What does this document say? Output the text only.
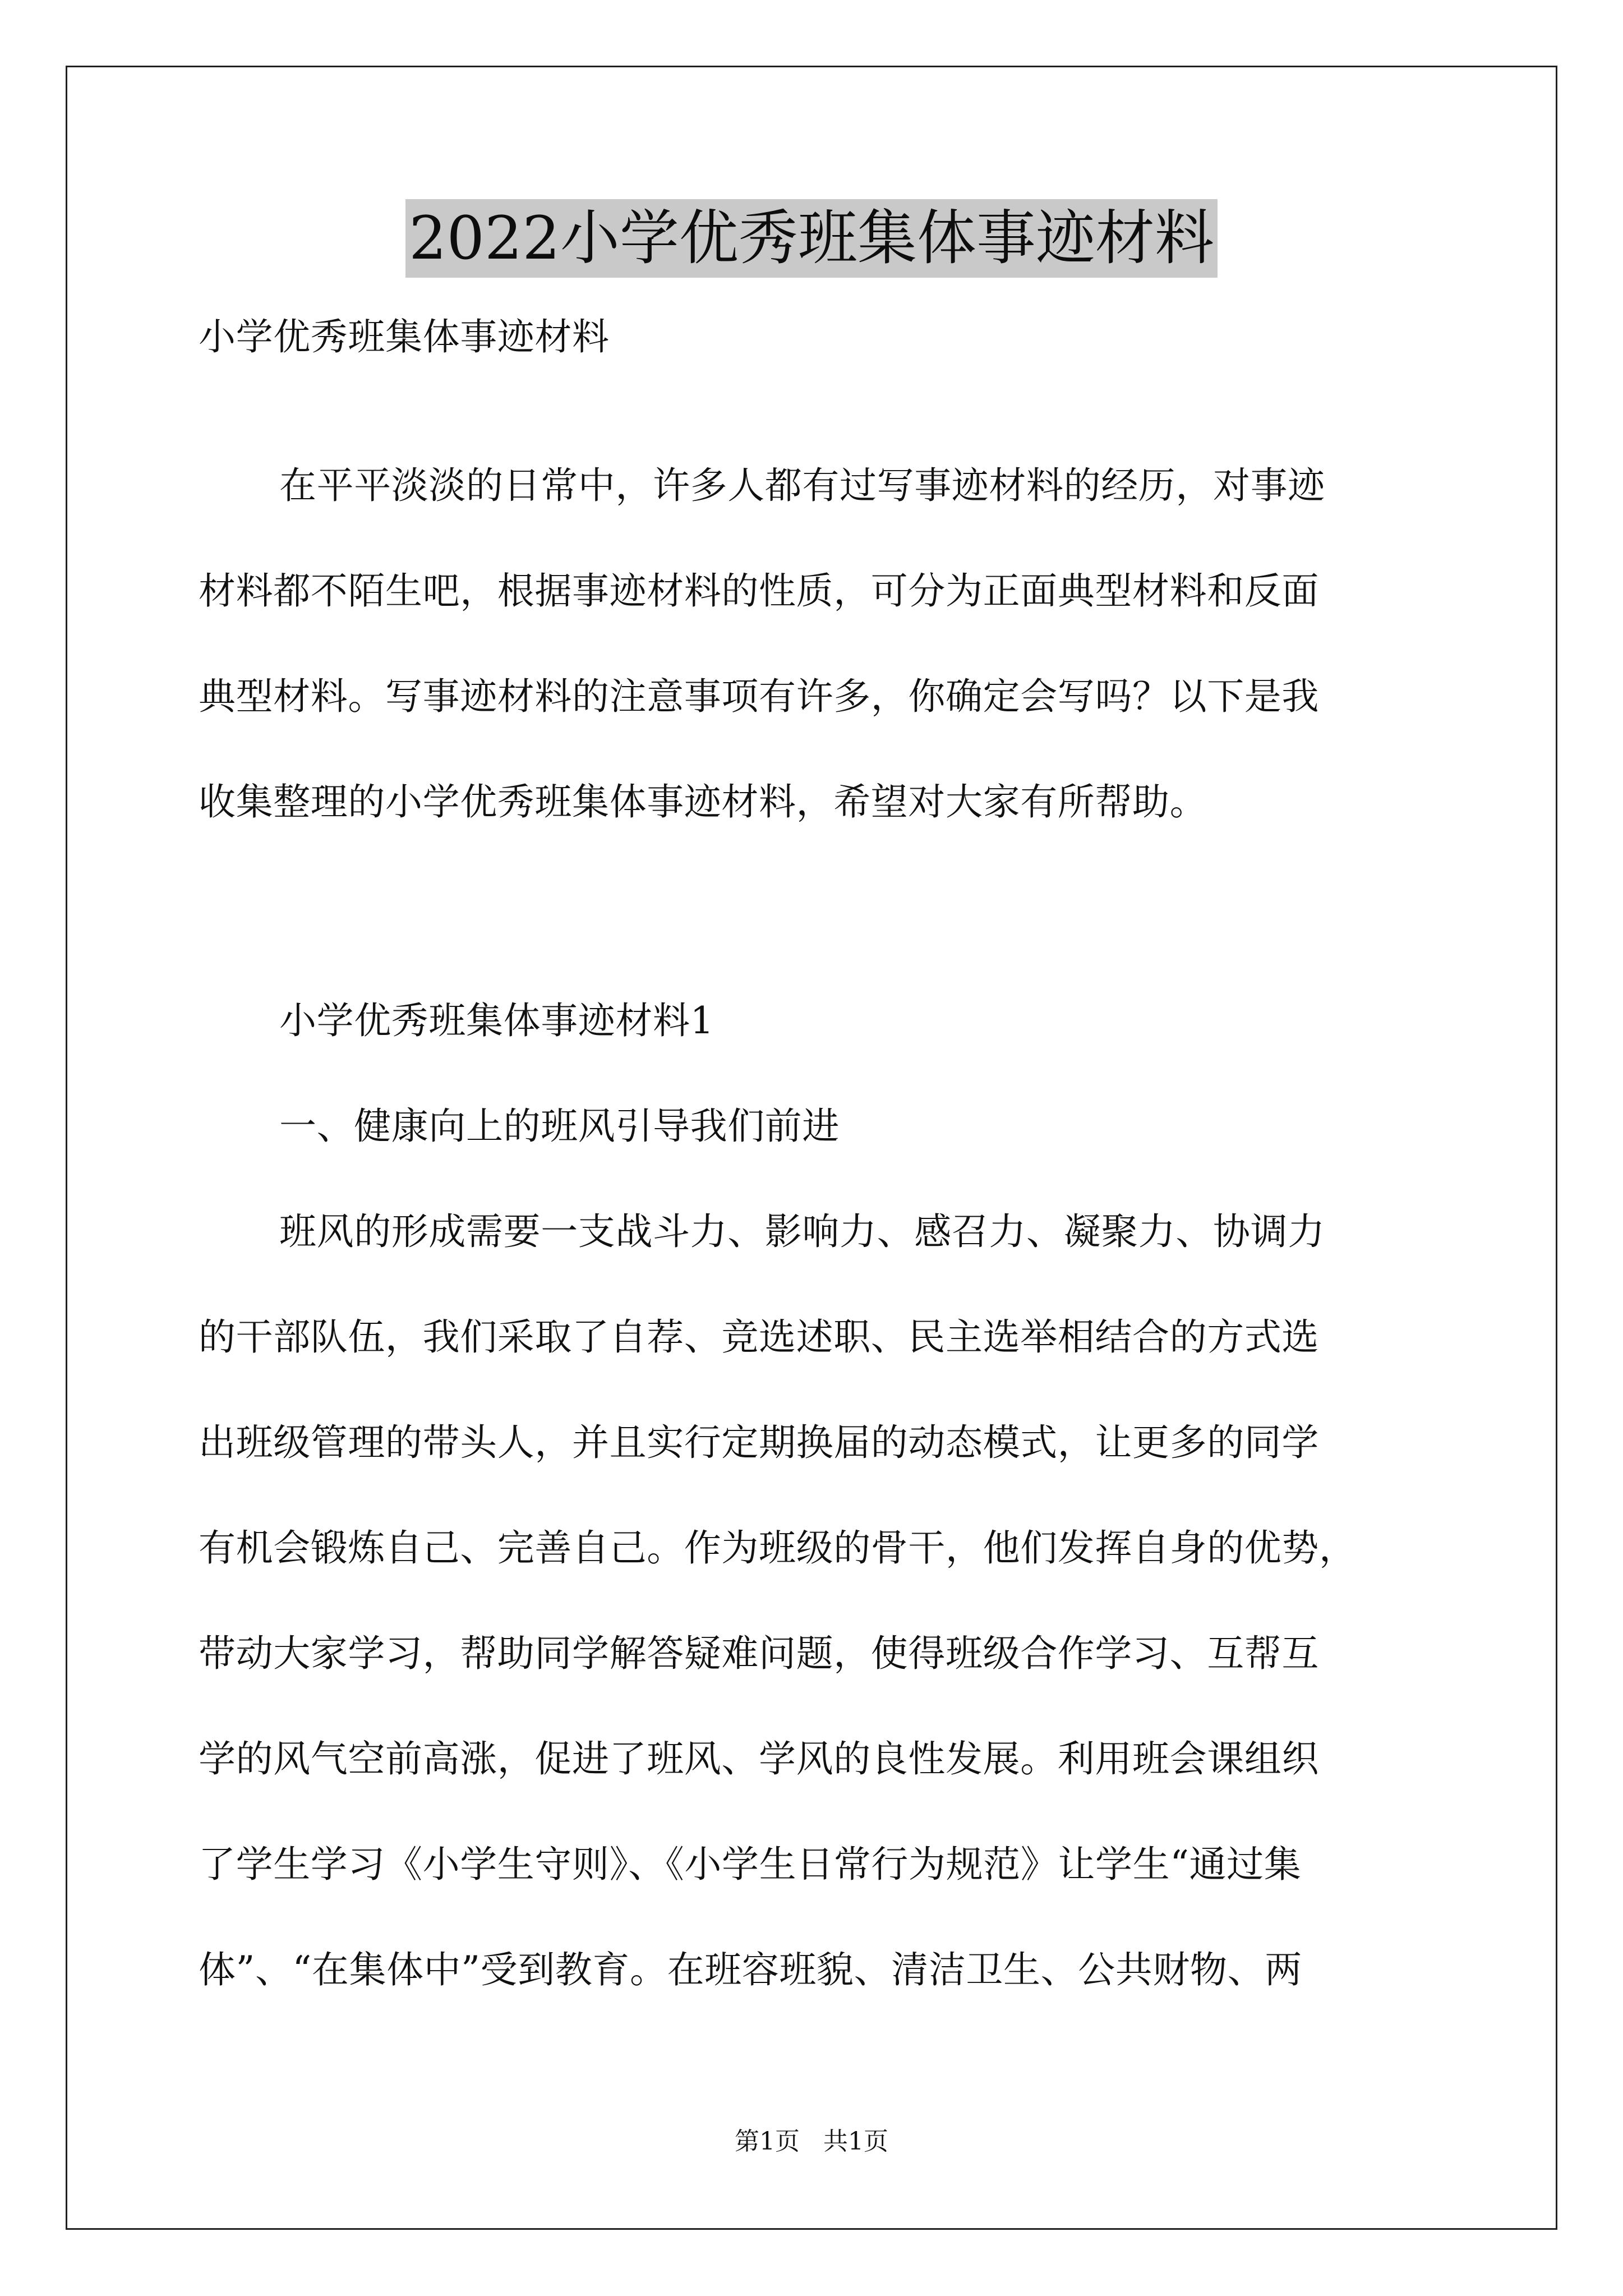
2022小学优秀班集体事迹材料
小学优秀班集体事迹材料
在平平淡淡的日常中，许多人都有过写事迹材料的经历，对事迹
材料都不陌生吧，根据事迹材料的性质，可分为正面典型材料和反面
典型材料。写事迹材料的注意事项有许多，你确定会写吗？以下是我
收集整理的小学优秀班集体事迹材料，希望对大家有所帮助。
小学优秀班集体事迹材料1
一、健康向上的班风引导我们前进
班风的形成需要一支战斗力、影响力、感召力、凝聚力、协调力
的干部队伍，我们采取了自荐、竞选述职、民主选举相结合的方式选
出班级管理的带头人，并且实行定期换届的动态模式，让更多的同学
有机会锻炼自己、完善自己。作为班级的骨干，他们发挥自身的优势，
带动大家学习，帮助同学解答疑难问题，使得班级合作学习、互帮互
学的风气空前高涨，促进了班风、学风的良性发展。利用班会课组织
了学生学习《小学生守则》、《小学生日常行为规范》让学生“通过集
体”、“在集体中”受到教育。在班容班貌、清洁卫生、公共财物、两
第1页   共1页
